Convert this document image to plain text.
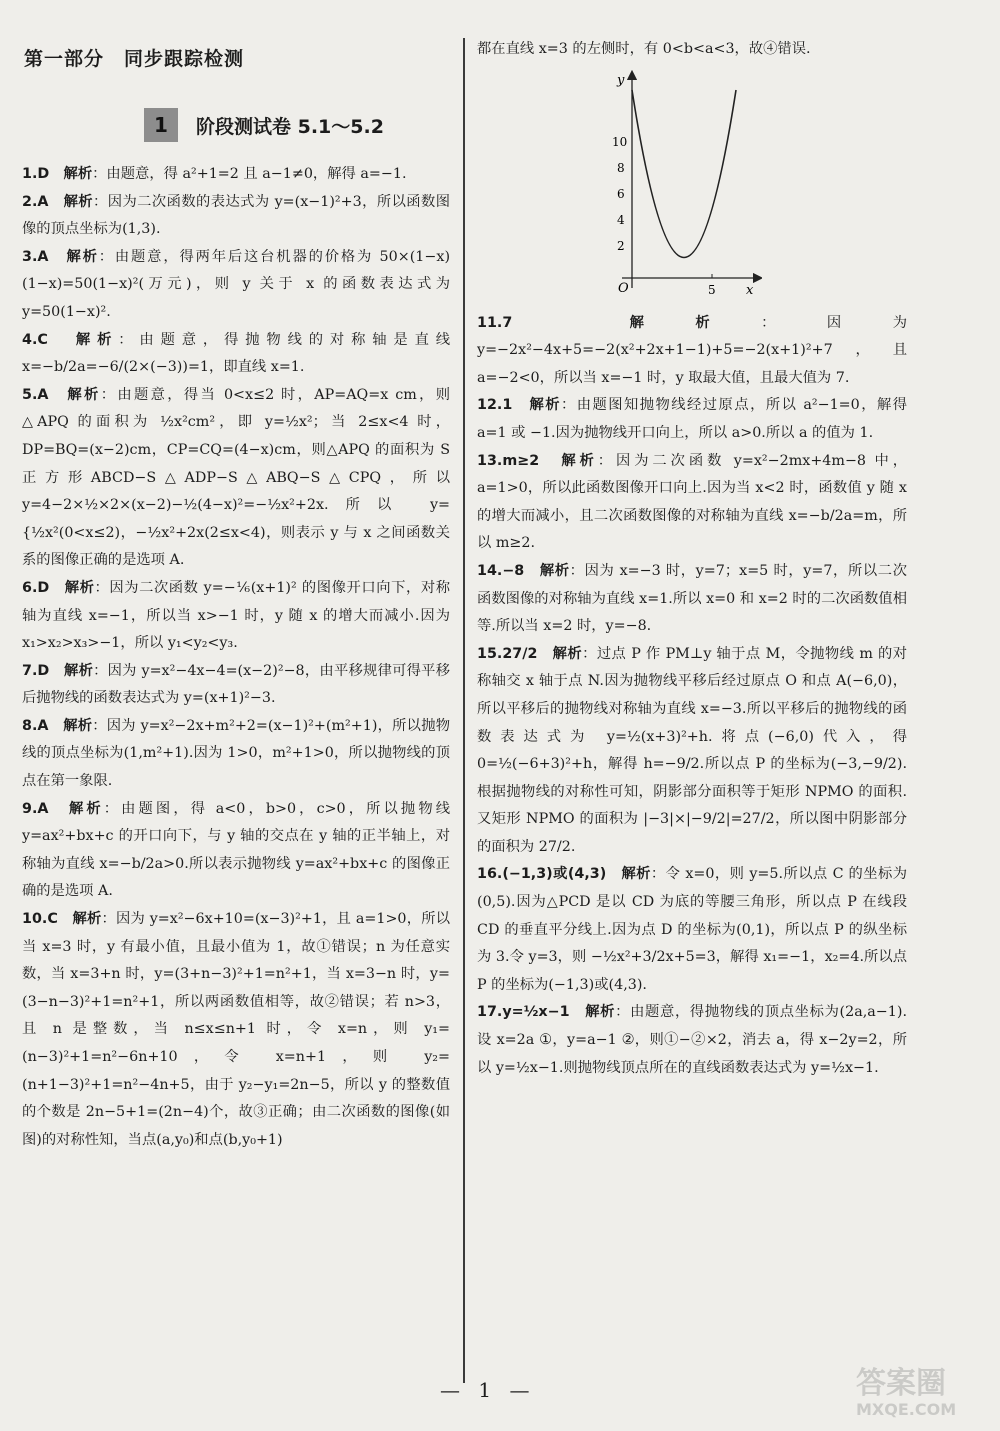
第一部分　同步跟踪检测
1	阶段测试卷 5.1～5.2

1.D　 解析：由题意，得 a²+1=2 且 a−1≠0，解得 a=−1.

2.A　 解析：因为二次函数的表达式为 y=(x−1)²+3，所以函数图像的顶点坐标为(1,3).

3.A　 解析：由题意，得两年后这台机器的价格为 50×(1−x)(1−x)=50(1−x)²(万元)，则 y 关于 x 的函数表达式为 y=50(1−x)².

4.C　 解析：由题意，得抛物线的对称轴是直线 x=−b/2a=−6/(2×(−3))=1，即直线 x=1.

5.A　 解析：由题意，得当 0<x≤2 时，AP=AQ=x cm，则△APQ 的面积为 ½x²cm²，即 y=½x²；当 2≤x<4 时，DP=BQ=(x−2)cm，CP=CQ=(4−x)cm，则△APQ 的面积为 S正方形ABCD−S△ADP−S△ABQ−S△CPQ，所以 y=4−2×½×2×(x−2)−½(4−x)²=−½x²+2x.所以 y={½x²(0<x≤2)，−½x²+2x(2≤x<4)，则表示 y 与 x 之间函数关系的图像正确的是选项 A.

6.D　 解析：因为二次函数 y=−⅙(x+1)² 的图像开口向下，对称轴为直线 x=−1，所以当 x>−1 时，y 随 x 的增大而减小.因为 x₁>x₂>x₃>−1，所以 y₁<y₂<y₃.

7.D　 解析：因为 y=x²−4x−4=(x−2)²−8，由平移规律可得平移后抛物线的函数表达式为 y=(x+1)²−3.

8.A　 解析：因为 y=x²−2x+m²+2=(x−1)²+(m²+1)，所以抛物线的顶点坐标为(1,m²+1).因为 1>0，m²+1>0，所以抛物线的顶点在第一象限.

9.A　 解析：由题图，得 a<0，b>0，c>0，所以抛物线 y=ax²+bx+c 的开口向下，与 y 轴的交点在 y 轴的正半轴上，对称轴为直线 x=−b/2a>0.所以表示抛物线 y=ax²+bx+c 的图像正确的是选项 A.

10.C　 解析：因为 y=x²−6x+10=(x−3)²+1，且 a=1>0，所以当 x=3 时，y 有最小值，且最小值为 1，故①错误；n 为任意实数，当 x=3+n 时，y=(3+n−3)²+1=n²+1，当 x=3−n 时，y=(3−n−3)²+1=n²+1，所以两函数值相等，故②错误；若 n>3，且 n 是整数，当 n≤x≤n+1 时，令 x=n，则 y₁=(n−3)²+1=n²−6n+10，令 x=n+1，则 y₂=(n+1−3)²+1=n²−4n+5，由于 y₂−y₁=2n−5，所以 y 的整数值的个数是 2n−5+1=(2n−4)个，故③正确；由二次函数的图像(如图)的对称性知，当点(a,y₀)和点(b,y₀+1)

都在直线 x=3 的左侧时，有 0<b<a<3，故④错误.

y
x
O
10
8
6
4
2
5

11.7　	解析：因为 y=−2x²−4x+5=−2(x²+2x+1−1)+5=−2(x+1)²+7，且 a=−2<0，所以当 x=−1 时，y 取最大值，且最大值为 7.

12.1　 解析：由题图知抛物线经过原点，所以 a²−1=0，解得 a=1 或 −1.因为抛物线开口向上，所以 a>0.所以 a 的值为 1.

13.m≥2　 解析：因为二次函数 y=x²−2mx+4m−8 中，a=1>0，所以此函数图像开口向上.因为当 x<2 时，函数值 y 随 x 的增大而减小，且二次函数图像的对称轴为直线 x=−b/2a=m，所以 m≥2.

14.−8　 解析：因为 x=−3 时，y=7；x=5 时，y=7，所以二次函数图像的对称轴为直线 x=1.所以 x=0 和 x=2 时的二次函数值相等.所以当 x=2 时，y=−8.

15.27/2　 解析：过点 P 作 PM⊥y 轴于点 M，令抛物线 m 的对称轴交 x 轴于点 N.因为抛物线平移后经过原点 O 和点 A(−6,0)，所以平移后的抛物线对称轴为直线 x=−3.所以平移后的抛物线的函数表达式为 y=½(x+3)²+h.将点(−6,0)代入，得 0=½(−6+3)²+h，解得 h=−9/2.所以点 P 的坐标为(−3,−9/2).根据抛物线的对称性可知，阴影部分面积等于矩形 NPMO 的面积.又矩形 NPMO 的面积为 |−3|×|−9/2|=27/2，所以图中阴影部分的面积为 27/2.

16.(−1,3)或(4,3)　 解析：令 x=0，则 y=5.所以点 C 的坐标为(0,5).因为△PCD 是以 CD 为底的等腰三角形，所以点 P 在线段 CD 的垂直平分线上.因为点 D 的坐标为(0,1)，所以点 P 的纵坐标为 3.令 y=3，则 −½x²+3/2x+5=3，解得 x₁=−1，x₂=4.所以点 P 的坐标为(−1,3)或(4,3).

17.y=½x−1　 解析：由题意，得抛物线的顶点坐标为(2a,a−1).设 x=2a ①，y=a−1 ②，则①−②×2，消去 a，得 x−2y=2，所以 y=½x−1.则抛物线顶点所在的直线函数表达式为 y=½x−1.

— 1 —	答案圈
MXQE.COM
